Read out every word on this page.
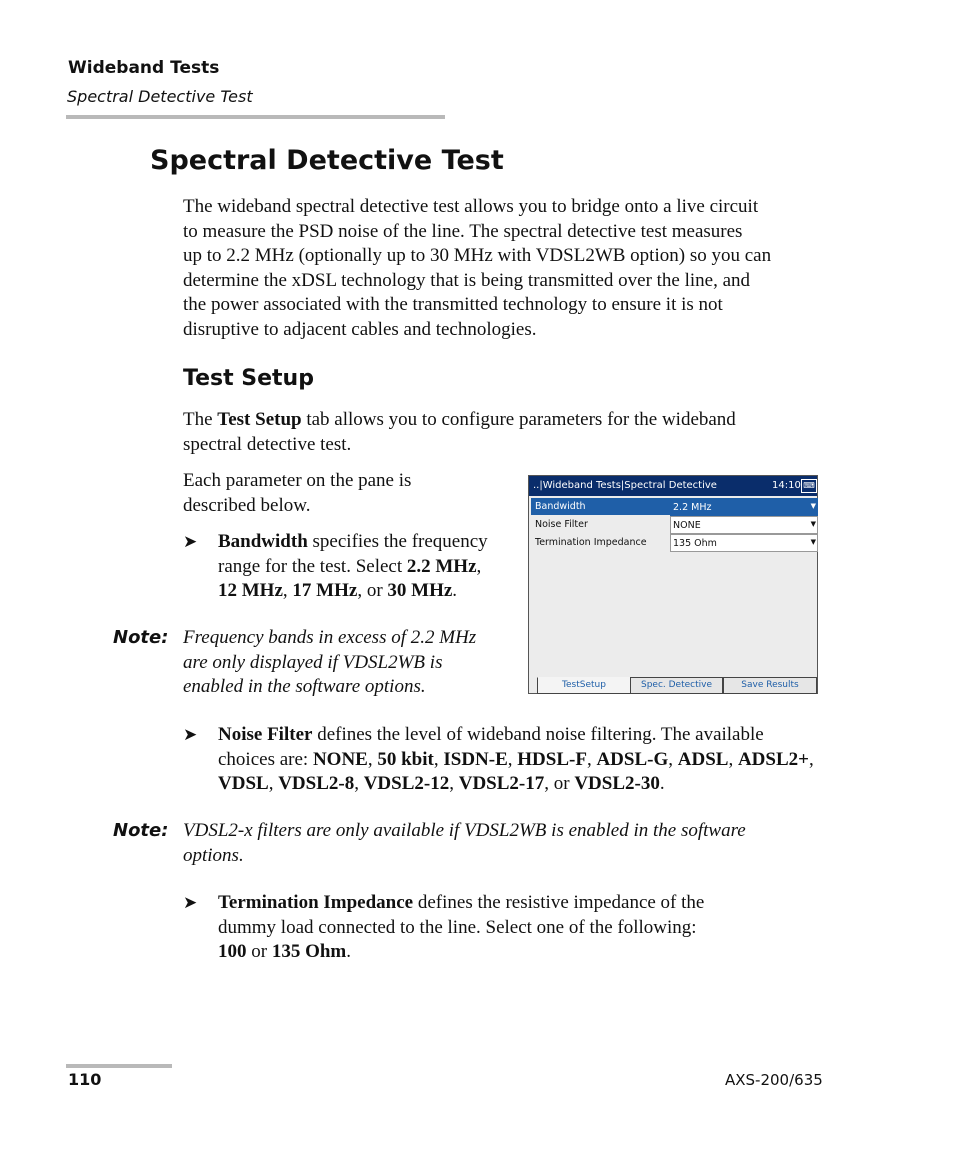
Wideband Tests
Spectral Detective Test
Spectral Detective Test
The wideband spectral detective test allows you to bridge onto a live circuit
to measure the PSD noise of the line. The spectral detective test measures
up to 2.2 MHz (optionally up to 30 MHz with VDSL2WB option) so you can
determine the xDSL technology that is being transmitted over the line, and
the power associated with the transmitted technology to ensure it is not
disruptive to adjacent cables and technologies.
Test Setup
The Test Setup tab allows you to configure parameters for the wideband
spectral detective test.
Each parameter on the pane is
described below.
➤ Bandwidth specifies the frequency
range for the test. Select 2.2 MHz,
12 MHz, 17 MHz, or 30 MHz.
Note: Frequency bands in excess of 2.2 MHz
are only displayed if VDSL2WB is
enabled in the software options.
..|Wideband Tests|Spectral Detective	14:10 ⌨
Bandwidth	2.2 MHz	▼
Noise Filter	NONE	▼
Termination Impedance	135 Ohm	▼
TestSetup	Spec. Detective	Save Results
➤ Noise Filter defines the level of wideband noise filtering. The available
choices are: NONE, 50 kbit, ISDN-E, HDSL-F, ADSL-G, ADSL, ADSL2+,
VDSL, VDSL2-8, VDSL2-12, VDSL2-17, or VDSL2-30.
Note: VDSL2-x filters are only available if VDSL2WB is enabled in the software
options.
➤ Termination Impedance defines the resistive impedance of the
dummy load connected to the line. Select one of the following:
100 or 135 Ohm.
110	AXS-200/635
